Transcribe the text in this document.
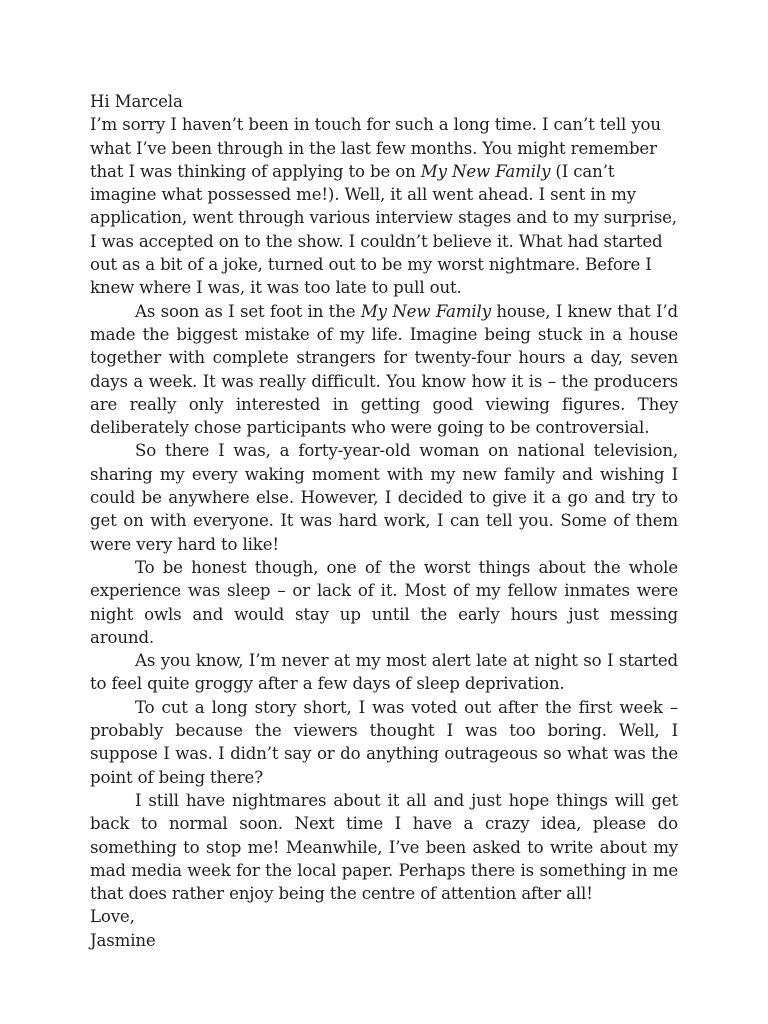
Hi Marcela

I’m sorry I haven’t been in touch for such a long time. I can’t tell you what I’ve been through in the last few months. You might remember that I was thinking of applying to be on My New Family (I can’t imagine what possessed me!). Well, it all went ahead. I sent in my application, went through various interview stages and to my surprise, I was accepted on to the show. I couldn’t believe it. What had started out as a bit of a joke, turned out to be my worst nightmare. Before I knew where I was, it was too late to pull out.

As soon as I set foot in the My New Family house, I knew that I’d made the biggest mistake of my life. Imagine being stuck in a house together with complete strangers for twenty-four hours a day, seven days a week. It was really difficult. You know how it is – the producers are really only interested in getting good viewing figures. They deliberately chose participants who were going to be controversial.

So there I was, a forty-year-old woman on national television, sharing my every waking moment with my new family and wishing I could be anywhere else. However, I decided to give it a go and try to get on with everyone. It was hard work, I can tell you. Some of them were very hard to like!

To be honest though, one of the worst things about the whole experience was sleep – or lack of it. Most of my fellow inmates were night owls and would stay up until the early hours just messing around.

As you know, I’m never at my most alert late at night so I started to feel quite groggy after a few days of sleep deprivation.

To cut a long story short, I was voted out after the first week – probably because the viewers thought I was too boring. Well, I suppose I was. I didn’t say or do anything outrageous so what was the point of being there?

I still have nightmares about it all and just hope things will get back to normal soon. Next time I have a crazy idea, please do something to stop me! Meanwhile, I’ve been asked to write about my mad media week for the local paper. Perhaps there is something in me that does rather enjoy being the centre of attention after all!

Love,
Jasmine
